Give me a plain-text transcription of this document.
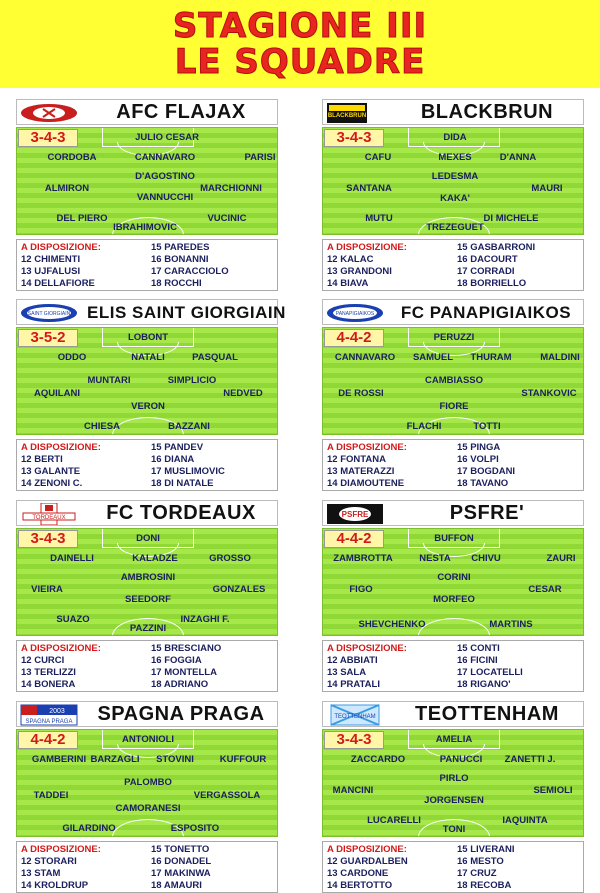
STAGIONE III
LE SQUADRE
AFC FLAJAX
JULIO CESAR
CORDOBA	CANNAVARO	PARISI
D'AGOSTINO
ALMIRON	MARCHIONNI
VANNUCCHI
DEL PIERO	VUCINIC
IBRAHIMOVIC
3-4-3
A DISPOSIZIONE:
12 CHIMENTI
13 UJFALUSI
14 DELLAFIORE
15 PAREDES
16 BONANNI
17 CARACCIOLO
18 ROCCHI
BLACKBRUN	BLACKBRUN
DIDA
CAFU	MEXES	D'ANNA
LEDESMA
SANTANA	MAURI
KAKA'
MUTU	DI MICHELE
TREZEGUET
3-4-3
A DISPOSIZIONE:
12 KALAC
13 GRANDONI
14 BIAVA
15 GASBARRONI
16 DACOURT
17 CORRADI
18 BORRIELLO
SAINT GIORGIAIN ELIS SAINT GIORGIAIN
LOBONT
ODDO	NATALI	PASQUAL
MUNTARI	SIMPLICIO
AQUILANI	NEDVED
VERON
CHIESA	BAZZANI
3-5-2
A DISPOSIZIONE:
12 BERTI
13 GALANTE
14 ZENONI C.
15 PANDEV
16 DIANA
17 MUSLIMOVIC
18 DI NATALE
PANAPIGIAIKOS	FC PANAPIGIAIKOS
PERUZZI
CANNAVARO SAMUEL THURAM	MALDINI
CAMBIASSO
DE ROSSI	STANKOVIC
FIORE
FLACHI	TOTTI
4-4-2
A DISPOSIZIONE:
12 FONTANA
13 MATERAZZI
14 DIAMOUTENE
15 PINGA
16 VOLPI
17 BOGDANI
18 TAVANO
TORDEAUX	FC TORDEAUX
DONI
DAINELLI	KALADZE	GROSSO
AMBROSINI
VIEIRA	GONZALES
SEEDORF
SUAZO	INZAGHI F.
PAZZINI
3-4-3
A DISPOSIZIONE:
12 CURCI
13 TERLIZZI
14 BONERA
15 BRESCIANO
16 FOGGIA
17 MONTELLA
18 ADRIANO
PSFRE	PSFRE'
BUFFON
ZAMBROTTA	NESTA CHIVU	ZAURI
CORINI
FIGO	CESAR
MORFEO
SHEVCHENKO	MARTINS
4-4-2
A DISPOSIZIONE:
12 ABBIATI
13 SALA
14 PRATALI
15 CONTI
16 FICINI
17 LOCATELLI
18 RIGANO'
2003
SPAGNA PRAGA	SPAGNA PRAGA
ANTONIOLI
GAMBERINI BARZAGLI STOVINI	KUFFOUR
PALOMBO
TADDEI	VERGASSOLA
CAMORANESI
GILARDINO	ESPOSITO
4-4-2
A DISPOSIZIONE:
12 STORARI
13 STAM
14 KROLDRUP
15 TONETTO
16 DONADEL
17 MAKINWA
18 AMAURI
TEOTTENHAM	TEOTTENHAM
AMELIA
ZACCARDO	PANUCCI ZANETTI J.
PIRLO
MANCINI	SEMIOLI
JORGENSEN
LUCARELLI	IAQUINTA
TONI
3-4-3
A DISPOSIZIONE:
12 GUARDALBEN
13 CARDONE
14 BERTOTTO
15 LIVERANI
16 MESTO
17 CRUZ
18 RECOBA
